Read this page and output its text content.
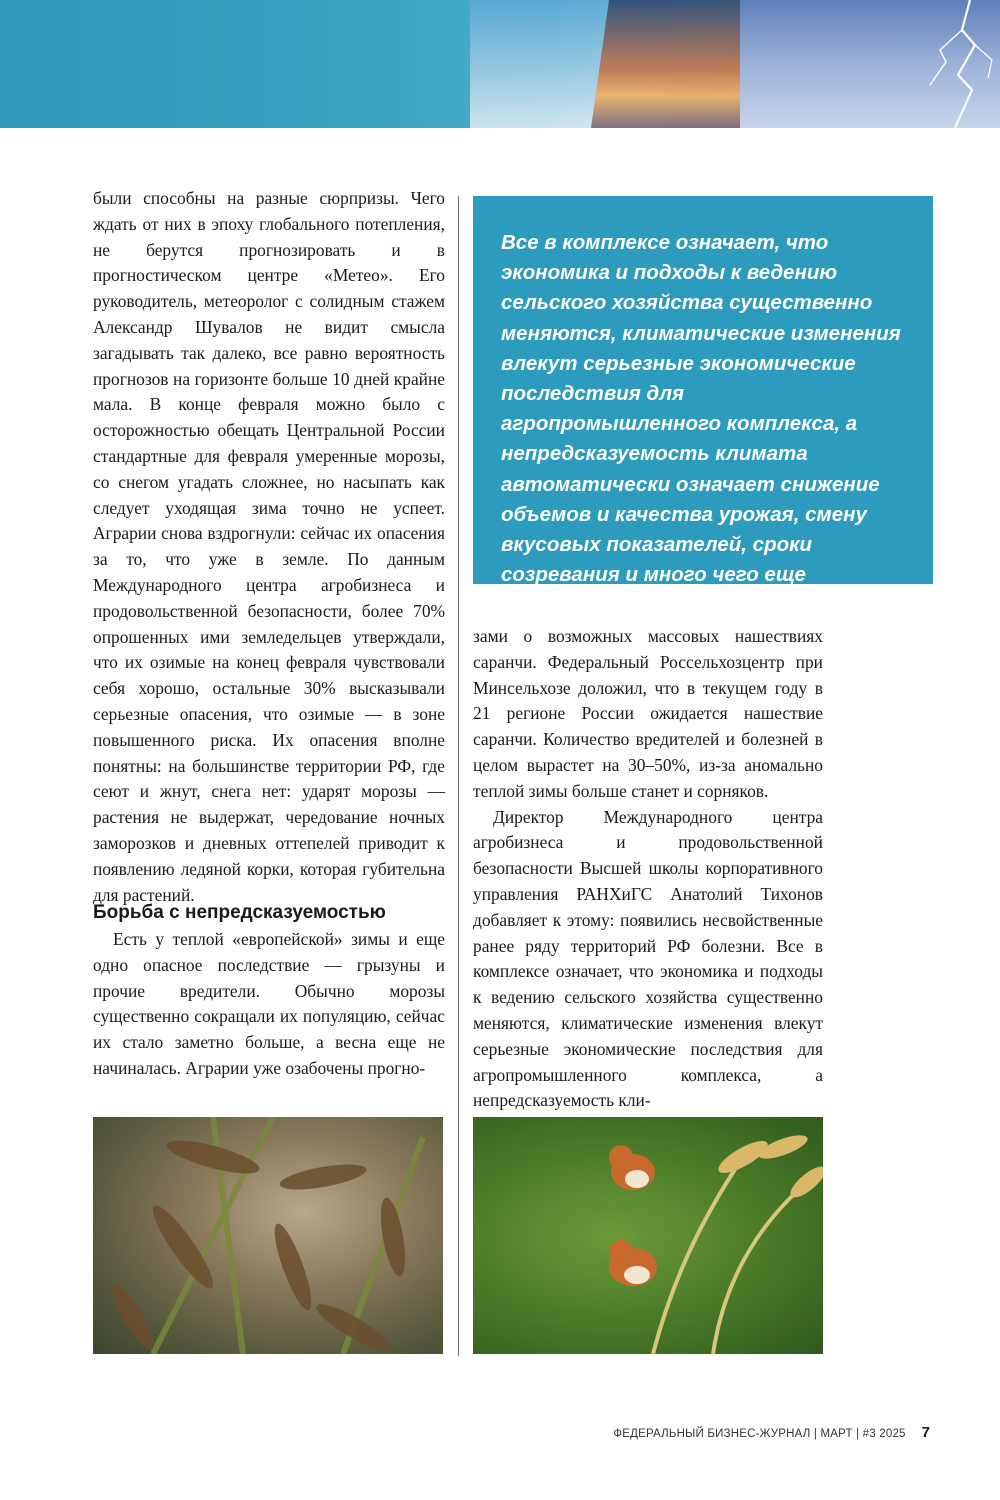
были способны на разные сюрпризы. Чего ждать от них в эпоху глобального потепления, не берутся прогнозировать и в прогностическом центре «Метео». Его руководитель, метеоролог с солидным стажем Александр Шувалов не видит смысла загадывать так далеко, все равно вероятность прогнозов на горизонте больше 10 дней крайне мала. В конце февраля можно было с осторожностью обещать Центральной России стандартные для февраля умеренные морозы, со снегом угадать сложнее, но насыпать как следует уходящая зима точно не успеет. Аграрии снова вздрогнули: сейчас их опасения за то, что уже в земле. По данным Международного центра агробизнеса и продовольственной безопасности, более 70% опрошенных ими земледельцев утверждали, что их озимые на конец февраля чувствовали себя хорошо, остальные 30% высказывали серьезные опасения, что озимые — в зоне повышенного риска. Их опасения вполне понятны: на большинстве территории РФ, где сеют и жнут, снега нет: ударят морозы — растения не выдержат, чередование ночных заморозков и дневных оттепелей приводит к появлению ледяной корки, которая губительна для растений.

Борьба с непредсказуемостью

Есть у теплой «европейской» зимы и еще одно опасное последствие — грызуны и прочие вредители. Обычно морозы существенно сокращали их популяцию, сейчас их стало заметно больше, а весна еще не начиналась. Аграрии уже озабочены прогно-

Все в комплексе означает, что экономика и подходы к ведению сельского хозяйства существенно меняются, климатические изменения влекут серьезные экономические последствия для агропромышленного комплекса, а непредсказуемость климата автоматически означает снижение объемов и качества урожая, смену вкусовых показателей, сроки созревания и много чего еще

зами о возможных массовых нашествиях саранчи. Федеральный Россельхозцентр при Минсельхозе доложил, что в текущем году в 21 регионе России ожидается нашествие саранчи. Количество вредителей и болезней в целом вырастет на 30–50%, из-за аномально теплой зимы больше станет и сорняков.

Директор Международного центра агробизнеса и продовольственной безопасности Высшей школы корпоративного управления РАНХиГС Анатолий Тихонов добавляет к этому: появились несвойственные ранее ряду территорий РФ болезни. Все в комплексе означает, что экономика и подходы к ведению сельского хозяйства существенно меняются, климатические изменения влекут серьезные экономические последствия для агропромышленного комплекса, а непредсказуемость кли-

ФЕДЕРАЛЬНЫЙ БИЗНЕС-ЖУРНАЛ | МАРТ | #3 2025 7
